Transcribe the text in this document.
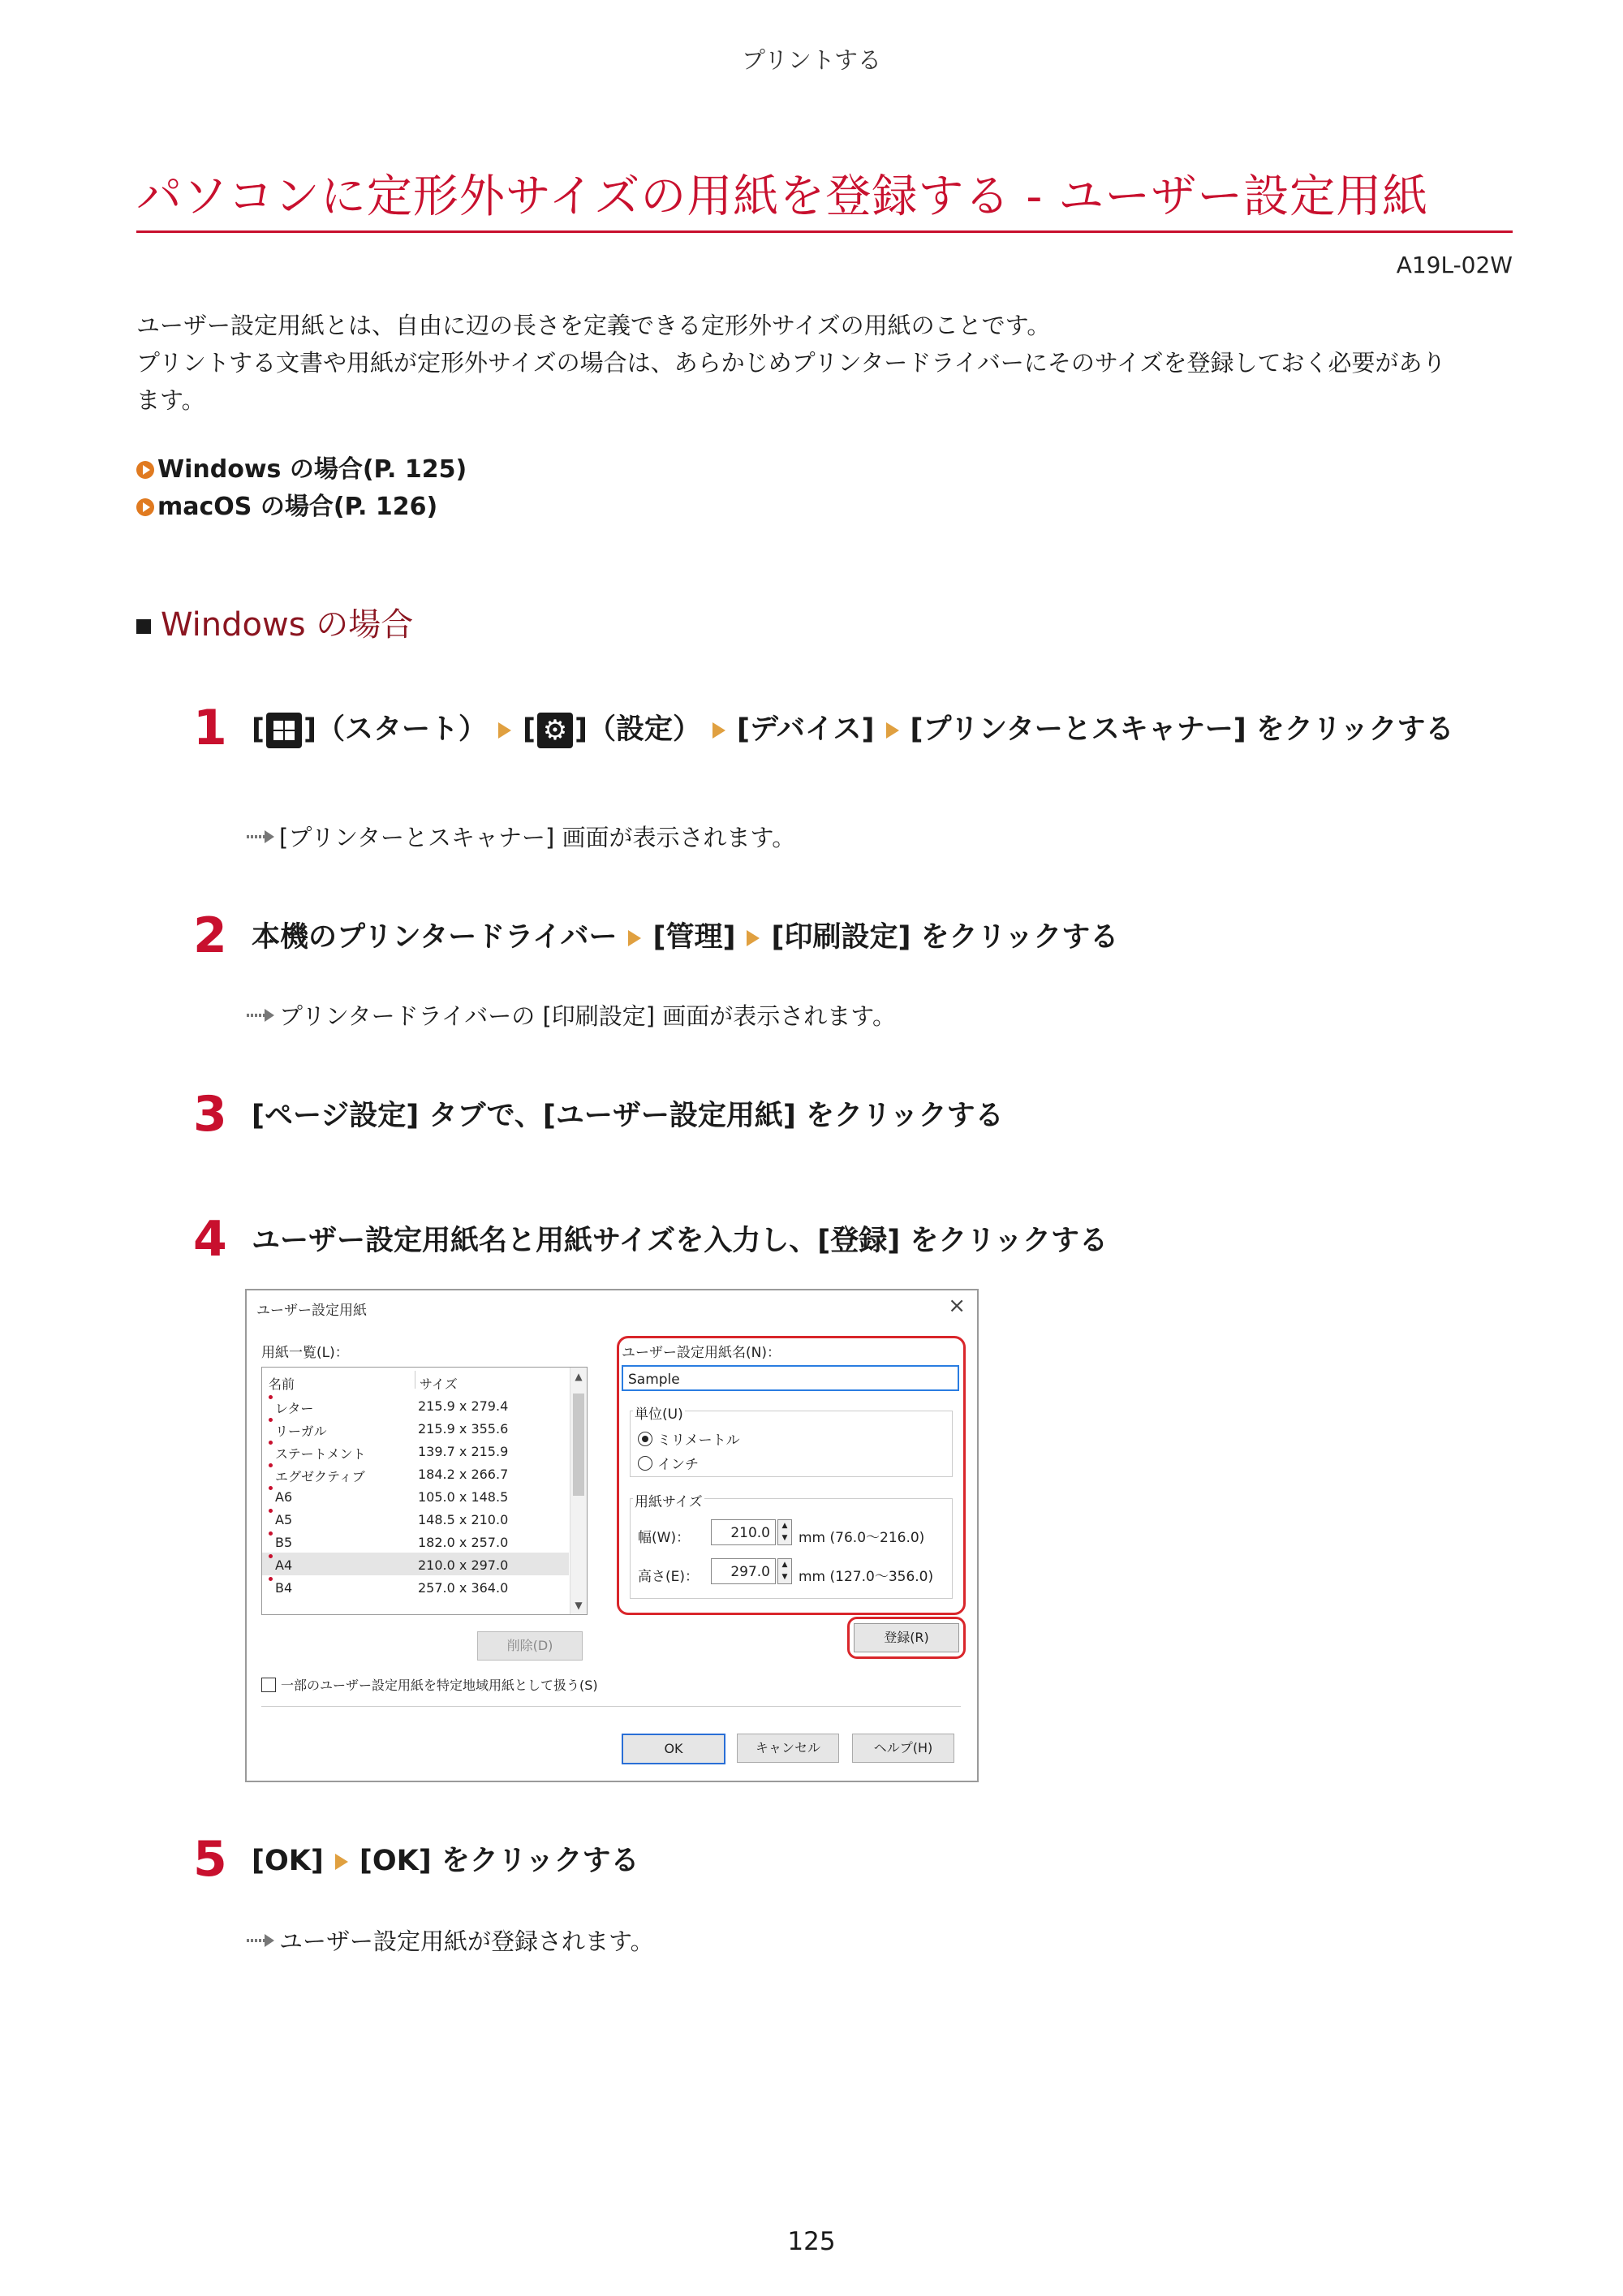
プリントする
パソコンに定形外サイズの用紙を登録する - ユーザー設定用紙
A19L-02W
ユーザー設定用紙とは、自由に辺の長さを定義できる定形外サイズの用紙のことです。
プリントする文書や用紙が定形外サイズの場合は、あらかじめプリンタードライバーにそのサイズを登録しておく必要があり
ます。
Windows の場合(P. 125)
macOS の場合(P. 126)
Windows の場合
1 [ ]（スタート） [⚙ ]（設定） [デバイス] [プリンターとスキャナー] をクリックする
[プリンターとスキャナー] 画面が表示されます。
2 本機のプリンタードライバー [管理] [印刷設定] をクリックする
プリンタードライバーの [印刷設定] 画面が表示されます。
3 [ページ設定] タブで、[ユーザー設定用紙] をクリックする
4 ユーザー設定用紙名と用紙サイズを入力し、[登録] をクリックする
ユーザー設定用紙	×
用紙一覧(L)：
名前	サイズ
レター	215.9 x 279.4
リーガル	215.9 x 355.6
ステートメント	139.7 x 215.9
エグゼクティブ	184.2 x 266.7
A6	105.0 x 148.5
A5	148.5 x 210.0
B5	182.0 x 257.0
A4	210.0 x 297.0
B4	257.0 x 364.0
▲
▼
削除(D)
一部のユーザー設定用紙を特定地域用紙として扱う(S)
ユーザー設定用紙名(N)：
Sample
単位(U)
ミリメートル
インチ
用紙サイズ
幅(W)：	210.0	▲
▼ mm (76.0～216.0)
高さ(E)：	297.0	▲
▼ mm (127.0～356.0)
登録(R)
OK	キャンセル	ヘルプ(H)
5 [OK] [OK] をクリックする
ユーザー設定用紙が登録されます。
125
